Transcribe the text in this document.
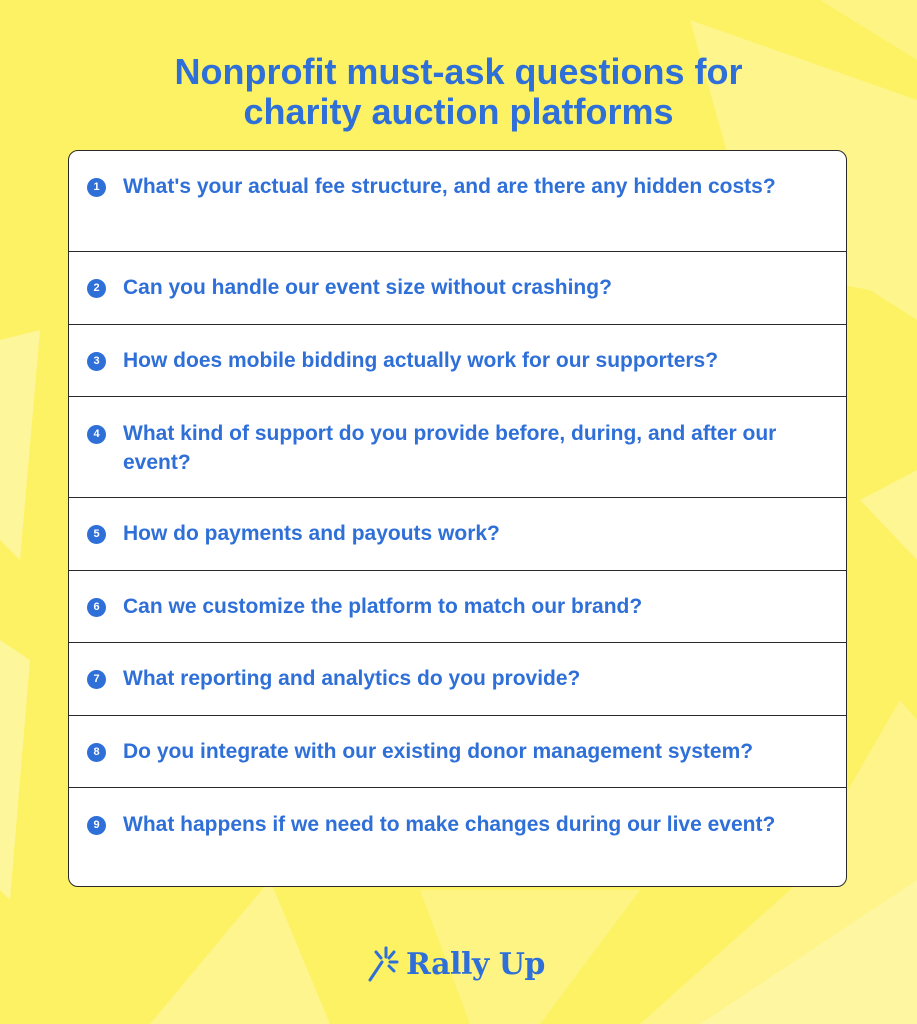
Nonprofit must-ask questions for
charity auction platforms
1	What's your actual fee structure, and are there any hidden costs?
2	Can you handle our event size without crashing?
3	How does mobile bidding actually work for our supporters?
4	What kind of support do you provide before, during, and after our event?
5	How do payments and payouts work?
6	Can we customize the platform to match our brand?
7	What reporting and analytics do you provide?
8	Do you integrate with our existing donor management system?
9	What happens if we need to make changes during our live event?
Rally Up
